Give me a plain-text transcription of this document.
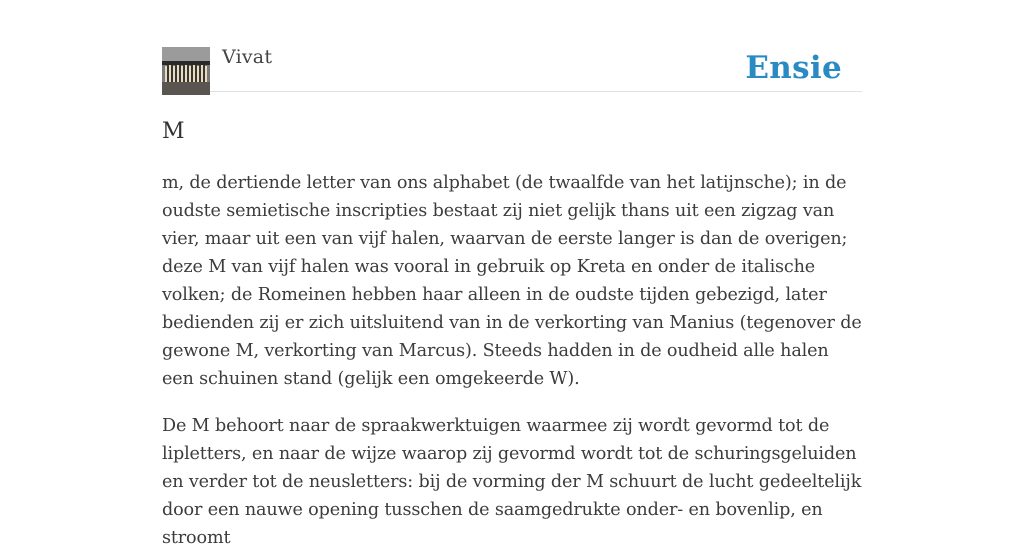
Vivat	Ensie
M

m, de dertiende letter van ons alphabet (de twaalfde van het latijnsche); in de oudste semietische inscripties bestaat zij niet gelijk thans uit een zigzag van vier, maar uit een van vijf halen, waarvan de eerste langer is dan de overigen; deze M van vijf halen was vooral in gebruik op Kreta en onder de italische volken; de Romeinen hebben haar alleen in de oudste tijden gebezigd, later bedienden zij er zich uitsluitend van in de verkorting van Manius (tegenover de gewone M, verkorting van Marcus). Steeds hadden in de oudheid alle halen een schuinen stand (gelijk een omgekeerde W).

De M behoort naar de spraakwerktuigen waarmee zij wordt gevormd tot de lipletters, en naar de wijze waarop zij gevormd wordt tot de schuringsgeluiden en verder tot de neusletters: bij de vorming der M schuurt de lucht gedeeltelijk door een nauwe opening tusschen de saamgedrukte onder- en bovenlip, en stroomt
